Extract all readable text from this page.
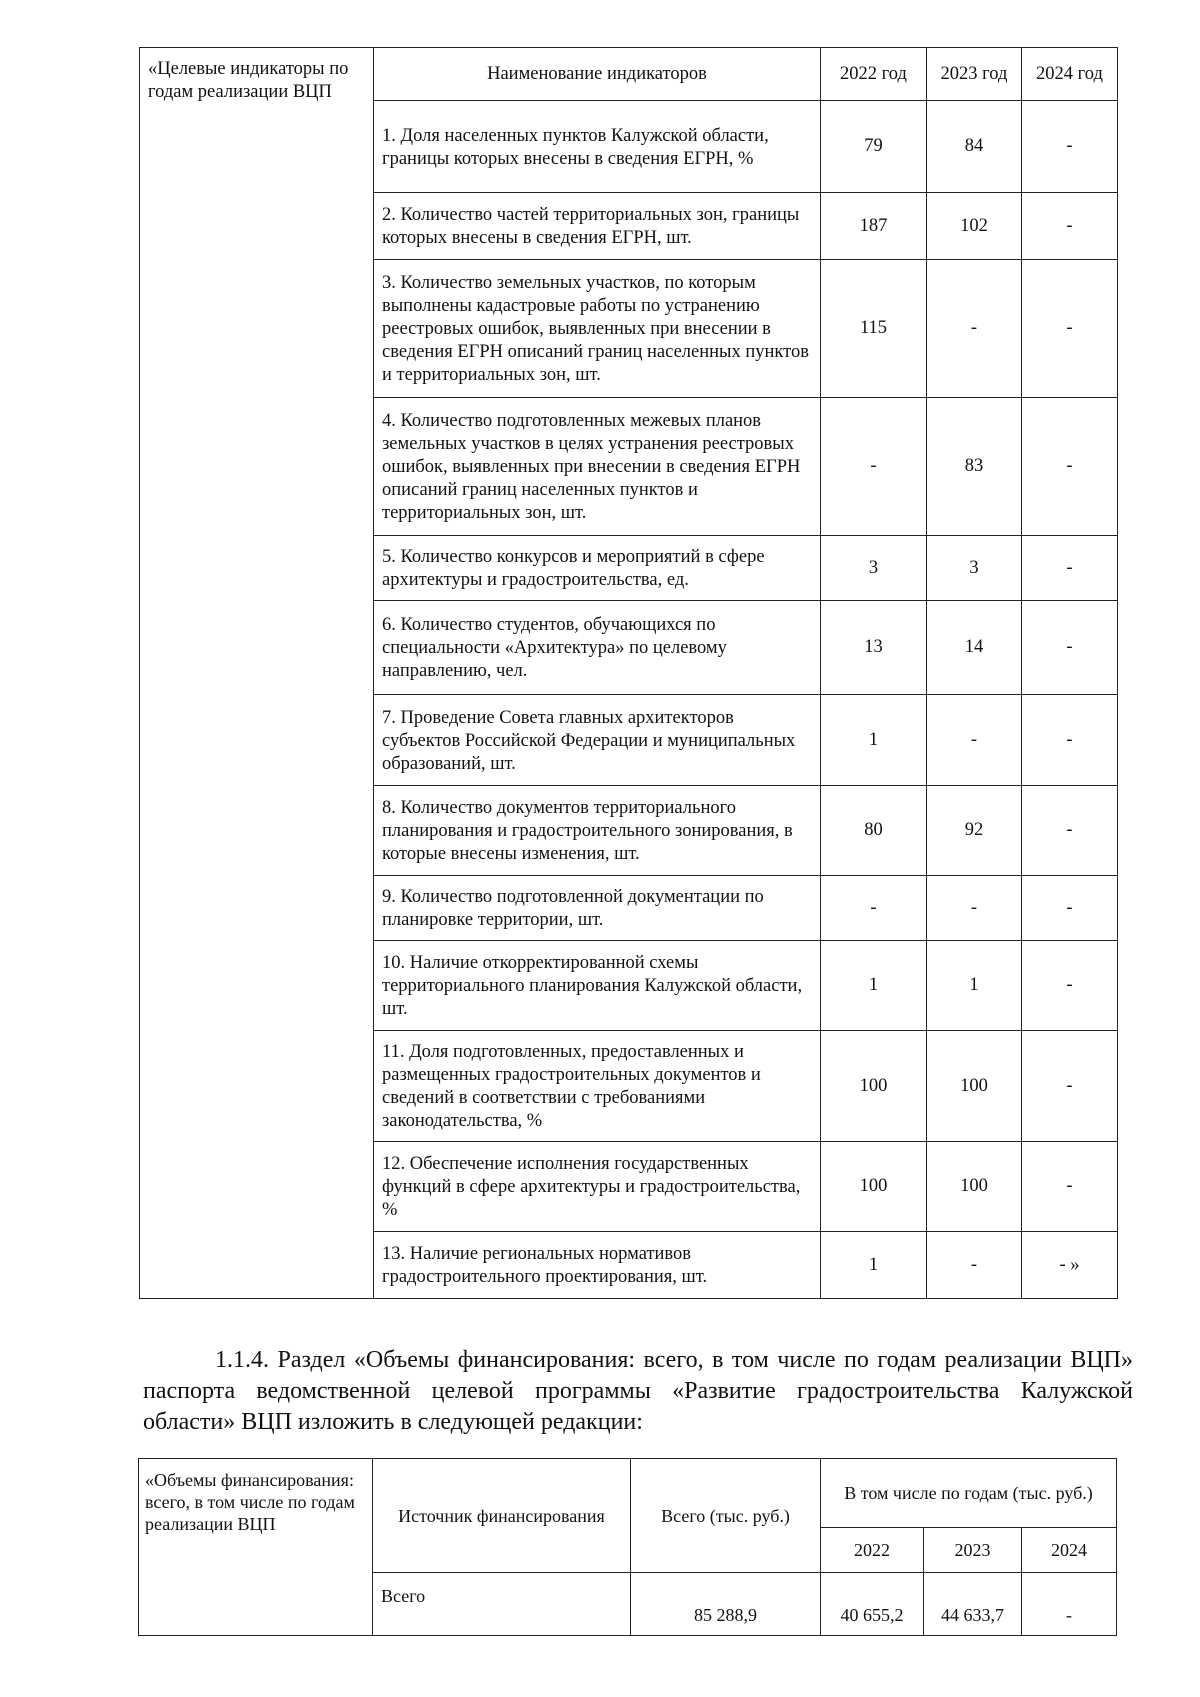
«Целевые индикаторы по годам реализации ВЦП	Наименование индикаторов	2022 год	2023 год	2024 год
	1. Доля населенных пунктов Калужской области, границы которых внесены в сведения ЕГРН, %	79	84	-
	2. Количество частей территориальных зон, границы которых внесены в сведения ЕГРН, шт.	187	102	-
	3. Количество земельных участков, по которым выполнены кадастровые работы по устранению реестровых ошибок, выявленных при внесении в сведения ЕГРН описаний границ населенных пунктов и территориальных зон, шт.	115	-	-
	4. Количество подготовленных межевых планов земельных участков в целях устранения реестровых ошибок, выявленных при внесении в сведения ЕГРН описаний границ населенных пунктов и территориальных зон, шт.	-	83	-
	5. Количество конкурсов и мероприятий в сфере архитектуры и градостроительства, ед.	3	3	-
	6. Количество студентов, обучающихся по специальности «Архитектура» по целевому направлению, чел.	13	14	-
	7. Проведение Совета главных архитекторов субъектов Российской Федерации и муниципальных образований, шт.	1	-	-
	8. Количество документов территориального планирования и градостроительного зонирования, в которые внесены изменения, шт.	80	92	-
	9. Количество подготовленной документации по планировке территории, шт.	-	-	-
	10. Наличие откорректированной схемы территориального планирования Калужской области, шт.	1	1	-
	11. Доля подготовленных, предоставленных и размещенных градостроительных документов и сведений в соответствии с требованиями законодательства, %	100	100	-
	12. Обеспечение исполнения государственных функций в сфере архитектуры и градостроительства, %	100	100	-
	13. Наличие региональных нормативов градостроительного проектирования, шт.	1	-	- »

1.1.4. Раздел «Объемы финансирования: всего, в том числе по годам реализации ВЦП» паспорта ведомственной целевой программы «Развитие градостроительства Калужской области» ВЦП изложить в следующей редакции:

«Объемы финансирования: всего, в том числе по годам реализации ВЦП	Источник финансирования	Всего (тыс. руб.)	В том числе по годам (тыс. руб.)		
			2022	2023	2024
	Всего	85 288,9	40 655,2	44 633,7	-
